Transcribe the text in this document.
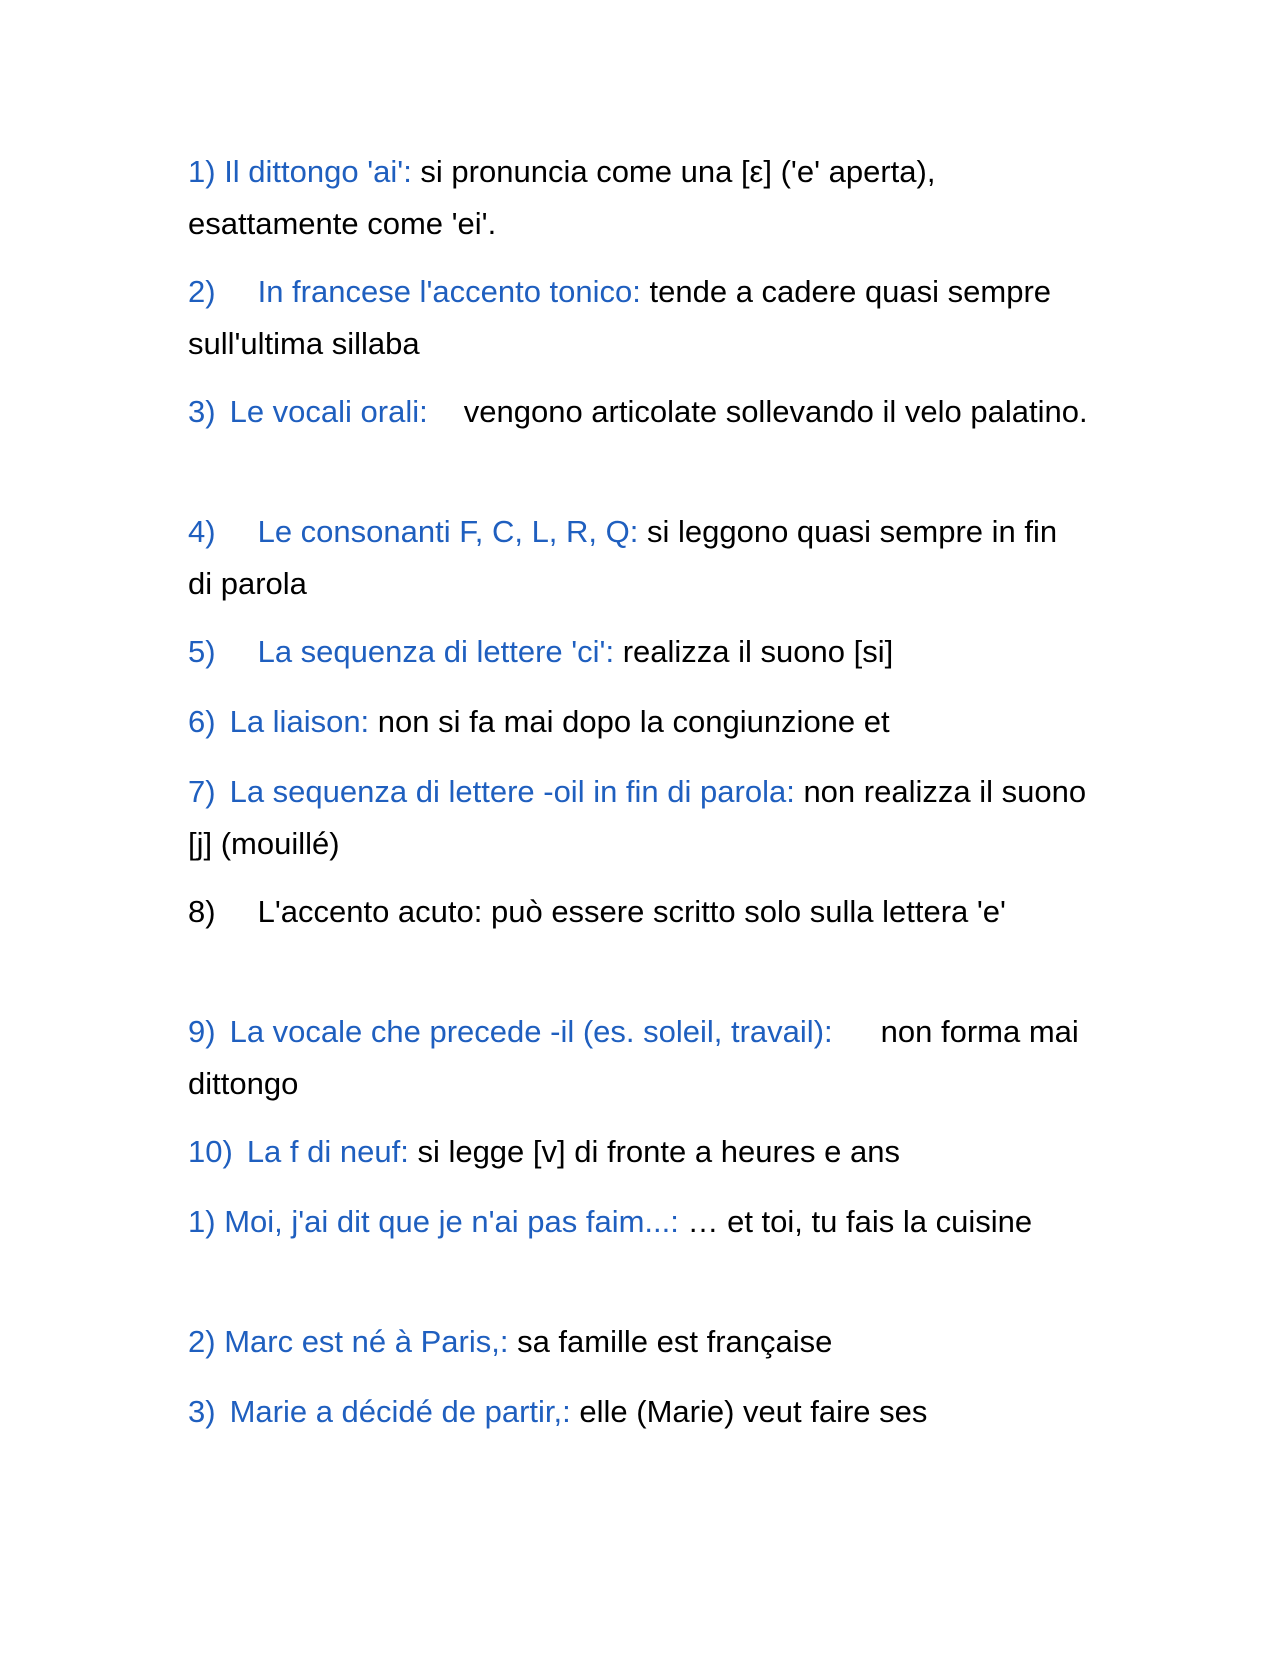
1) Il dittongo 'ai': si pronuncia come una [ε] ('e' aperta), esattamente come 'ei'.

2) In francese l'accento tonico: tende a cadere quasi sempre sull'ultima sillaba

3) Le vocali orali: vengono articolate sollevando il velo palatino.

4) Le consonanti F, C, L, R, Q: si leggono quasi sempre in fin di parola

5) La sequenza di lettere 'ci': realizza il suono [si]

6) La liaison: non si fa mai dopo la congiunzione et

7) La sequenza di lettere -oil in fin di parola: non realizza il suono [j] (mouillé)

8) L'accento acuto: può essere scritto solo sulla lettera 'e'

9) La vocale che precede -il (es. soleil, travail): non forma mai dittongo

10) La f di neuf: si legge [v] di fronte a heures e ans

1) Moi, j'ai dit que je n'ai pas faim...: … et toi, tu fais la cuisine

2) Marc est né à Paris,: sa famille est française

3) Marie a décidé de partir,: elle (Marie) veut faire ses
